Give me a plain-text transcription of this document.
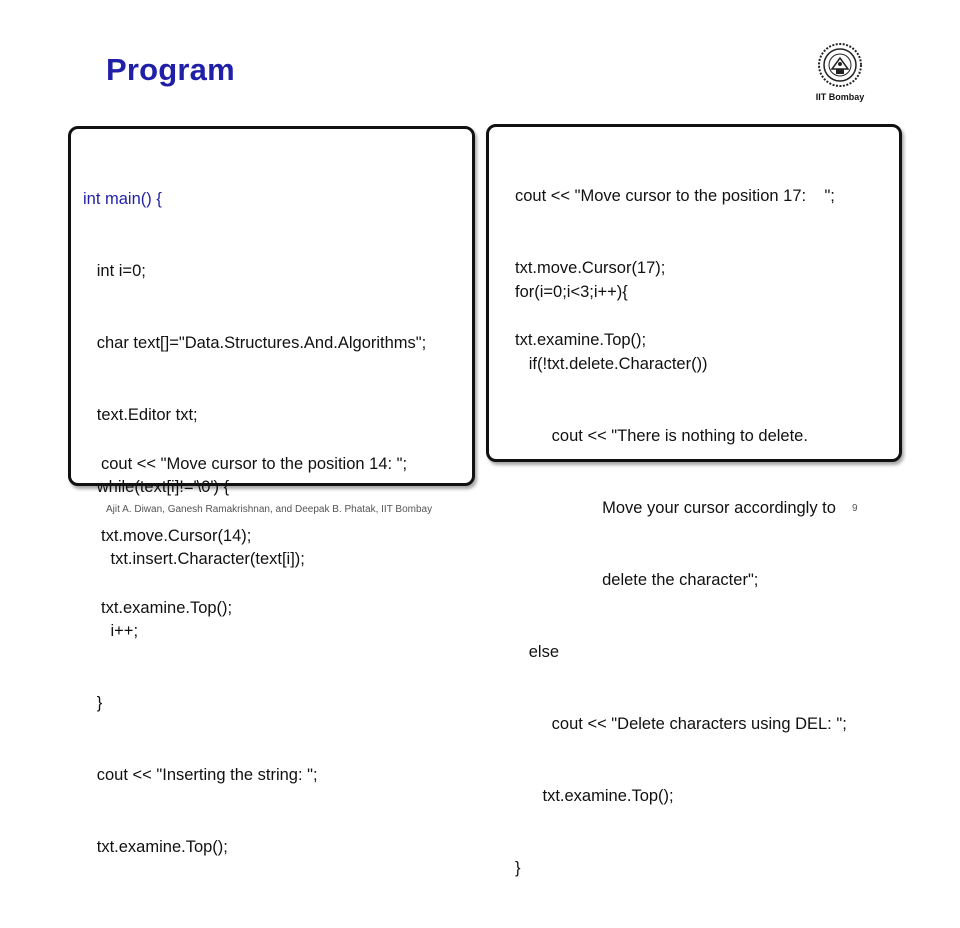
Program
IIT Bombay

int main() {

int i=0;

char text[]="Data.Structures.And.Algorithms";

text.Editor txt;

while(text[i]!='\0') {

txt.insert.Character(text[i]);

i++;

}

cout << "Inserting the string: ";

txt.examine.Top();

cout << "Move cursor to the position 14: ";

txt.move.Cursor(14);

txt.examine.Top();

cout << "Move cursor to the position 17:    ";

txt.move.Cursor(17);

txt.examine.Top();

for(i=0;i<3;i++){

if(!txt.delete.Character())

cout << "There is nothing to delete.

Move your cursor accordingly to

delete the character";

else

cout << "Delete characters using DEL: ";

txt.examine.Top();

}

Ajit A. Diwan, Ganesh Ramakrishnan, and Deepak B. Phatak, IIT Bombay	9
